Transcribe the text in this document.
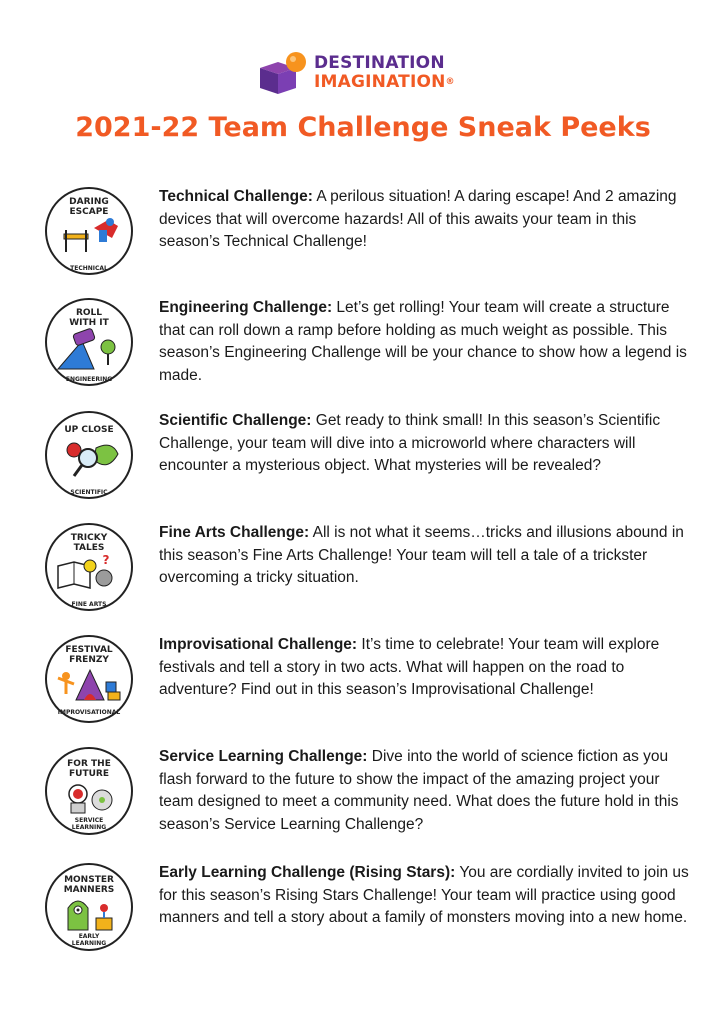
DESTINATION
IMAGINATION®
2021-22 Team Challenge Sneak Peeks
DARING
ESCAPE
TECHNICAL
Technical Challenge: A perilous situation! A daring escape! And 2 amazing devices that will overcome hazards! All of this awaits your team in this season’s Technical Challenge!
ROLL
WITH IT
ENGINEERING
Engineering Challenge: Let’s get rolling! Your team will create a structure that can roll down a ramp before holding as much weight as possible. This season’s Engineering Challenge will be your chance to show how a legend is made.
UP CLOSE
SCIENTIFIC
Scientific Challenge: Get ready to think small! In this season’s Scientific Challenge, your team will dive into a microworld where characters will encounter a mysterious object. What mysteries will be revealed?
TRICKY
TALES
?
FINE ARTS
Fine Arts Challenge: All is not what it seems…tricks and illusions abound in this season’s Fine Arts Challenge! Your team will tell a tale of a trickster overcoming a tricky situation.
FESTIVAL
FRENZY
IMPROVISATIONAL
Improvisational Challenge: It’s time to celebrate! Your team will explore festivals and tell a story in two acts. What will happen on the road to adventure? Find out in this season’s Improvisational Challenge!
FOR THE
FUTURE
SERVICE
LEARNING
Service Learning Challenge: Dive into the world of science fiction as you flash forward to the future to show the impact of the amazing project your team designed to meet a community need. What does the future hold in this season’s Service Learning Challenge?
MONSTER
MANNERS
EARLY
LEARNING
Early Learning Challenge (Rising Stars): You are cordially invited to join us for this season’s Rising Stars Challenge! Your team will practice using good manners and tell a story about a family of monsters moving into a new home.
